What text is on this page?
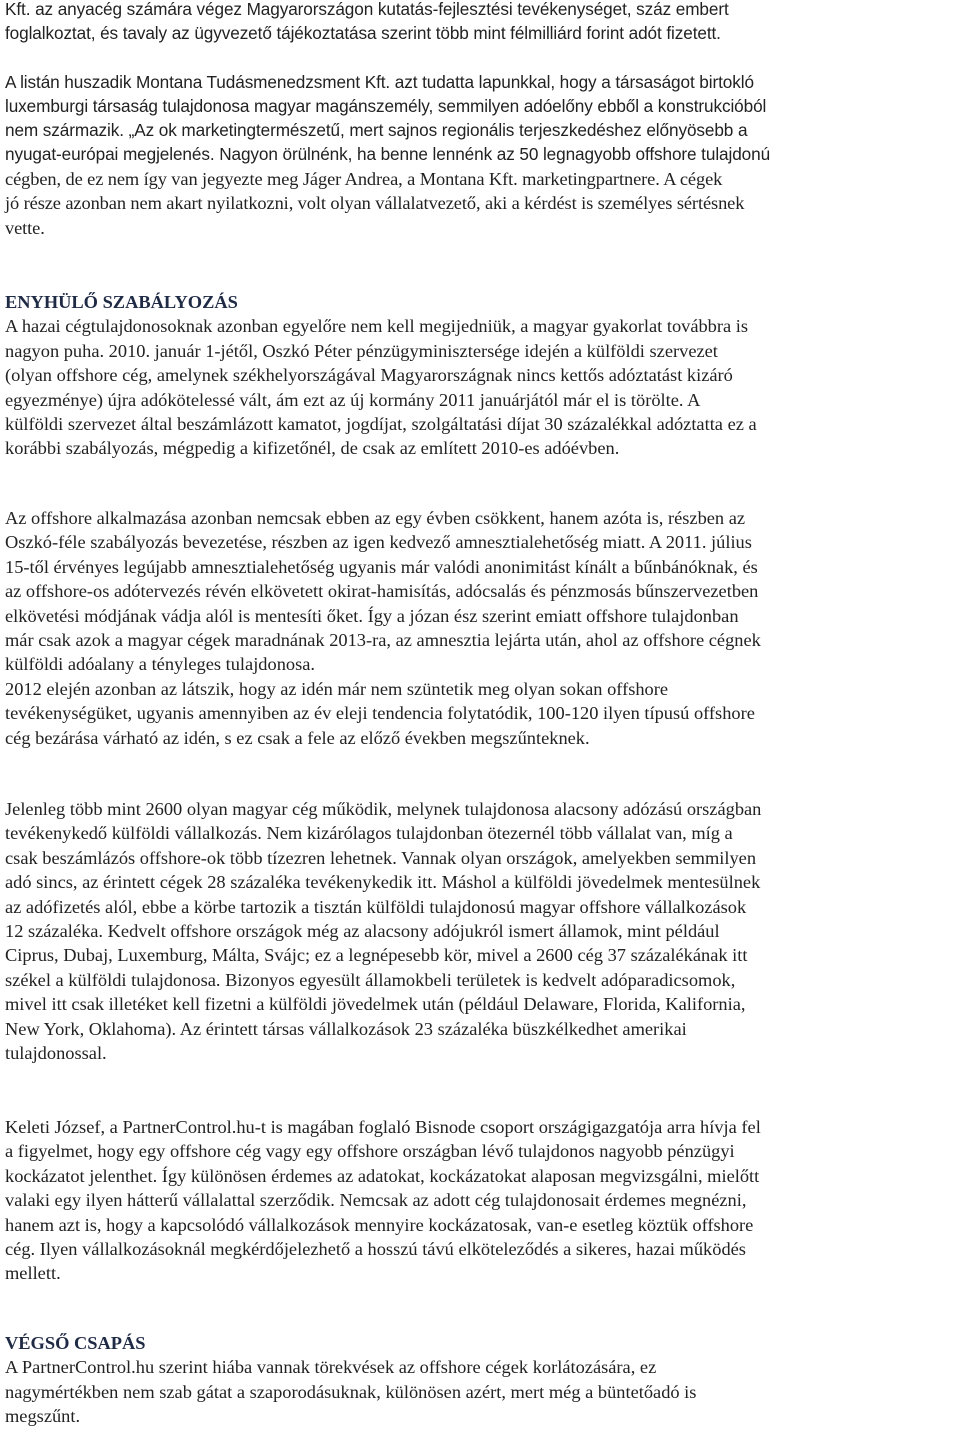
Kft. az anyacég számára végez Magyarországon kutatás-fejlesztési tevékenységet, száz embert
foglalkoztat, és tavaly az ügyvezető tájékoztatása szerint több mint félmilliárd forint adót fizetett.
A listán huszadik Montana Tudásmenedzsment Kft. azt tudatta lapunkkal, hogy a társaságot birtokló
luxemburgi társaság tulajdonosa magyar magánszemély, semmilyen adóelőny ebből a konstrukcióból
nem származik. „Az ok marketingtermészetű, mert sajnos regionális terjeszkedéshez előnyösebb a
nyugat-európai megjelenés. Nagyon örülnénk, ha benne lennénk az 50 legnagyobb offshore tulajdonú
cégben, de ez nem így van jegyezte meg Jáger Andrea, a Montana Kft. marketingpartnere. A cégek
jó része azonban nem akart nyilatkozni, volt olyan vállalatvezető, aki a kérdést is személyes sértésnek
vette.
ENYHÜLŐ SZABÁLYOZÁS
A hazai cégtulajdonosoknak azonban egyelőre nem kell megijedniük, a magyar gyakorlat továbbra is
nagyon puha. 2010. január 1-jétől, Oszkó Péter pénzügyminisztersége idején a külföldi szervezet
(olyan offshore cég, amelynek székhelyországával Magyarországnak nincs kettős adóztatást kizáró
egyezménye) újra adókötelessé vált, ám ezt az új kormány 2011 januárjától már el is törölte. A
külföldi szervezet által beszámlázott kamatot, jogdíjat, szolgáltatási díjat 30 százalékkal adóztatta ez a
korábbi szabályozás, mégpedig a kifizetőnél, de csak az említett 2010-es adóévben.
Az offshore alkalmazása azonban nemcsak ebben az egy évben csökkent, hanem azóta is, részben az
Oszkó-féle szabályozás bevezetése, részben az igen kedvező amnesztialehetőség miatt. A 2011. július
15-től érvényes legújabb amnesztialehetőség ugyanis már valódi anonimitást kínált a bűnbánóknak, és
az offshore-os adótervezés révén elkövetett okirat-hamisítás, adócsalás és pénzmosás bűnszervezetben
elkövetési módjának vádja alól is mentesíti őket. Így a józan ész szerint emiatt offshore tulajdonban
már csak azok a magyar cégek maradnának 2013-ra, az amnesztia lejárta után, ahol az offshore cégnek
külföldi adóalany a tényleges tulajdonosa.
2012 elején azonban az látszik, hogy az idén már nem szüntetik meg olyan sokan offshore
tevékenységüket, ugyanis amennyiben az év eleji tendencia folytatódik, 100-120 ilyen típusú offshore
cég bezárása várható az idén, s ez csak a fele az előző években megszűnteknek.
Jelenleg több mint 2600 olyan magyar cég működik, melynek tulajdonosa alacsony adózású országban
tevékenykedő külföldi vállalkozás. Nem kizárólagos tulajdonban ötezernél több vállalat van, míg a
csak beszámlázós offshore-ok több tízezren lehetnek. Vannak olyan országok, amelyekben semmilyen
adó sincs, az érintett cégek 28 százaléka tevékenykedik itt. Máshol a külföldi jövedelmek mentesülnek
az adófizetés alól, ebbe a körbe tartozik a tisztán külföldi tulajdonosú magyar offshore vállalkozások
12 százaléka. Kedvelt offshore országok még az alacsony adójukról ismert államok, mint például
Ciprus, Dubaj, Luxemburg, Málta, Svájc; ez a legnépesebb kör, mivel a 2600 cég 37 százalékának itt
székel a külföldi tulajdonosa. Bizonyos egyesült államokbeli területek is kedvelt adóparadicsomok,
mivel itt csak illetéket kell fizetni a külföldi jövedelmek után (például Delaware, Florida, Kalifornia,
New York, Oklahoma). Az érintett társas vállalkozások 23 százaléka büszkélkedhet amerikai
tulajdonossal.
Keleti József, a PartnerControl.hu-t is magában foglaló Bisnode csoport országigazgatója arra hívja fel
a figyelmet, hogy egy offshore cég vagy egy offshore országban lévő tulajdonos nagyobb pénzügyi
kockázatot jelenthet. Így különösen érdemes az adatokat, kockázatokat alaposan megvizsgálni, mielőtt
valaki egy ilyen hátterű vállalattal szerződik. Nemcsak az adott cég tulajdonosait érdemes megnézni,
hanem azt is, hogy a kapcsolódó vállalkozások mennyire kockázatosak, van-e esetleg köztük offshore
cég. Ilyen vállalkozásoknál megkérdőjelezhető a hosszú távú elköteleződés a sikeres, hazai működés
mellett.
VÉGSŐ CSAPÁS
A PartnerControl.hu szerint hiába vannak törekvések az offshore cégek korlátozására, ez
nagymértékben nem szab gátat a szaporodásuknak, különösen azért, mert még a büntetőadó is
megszűnt.
